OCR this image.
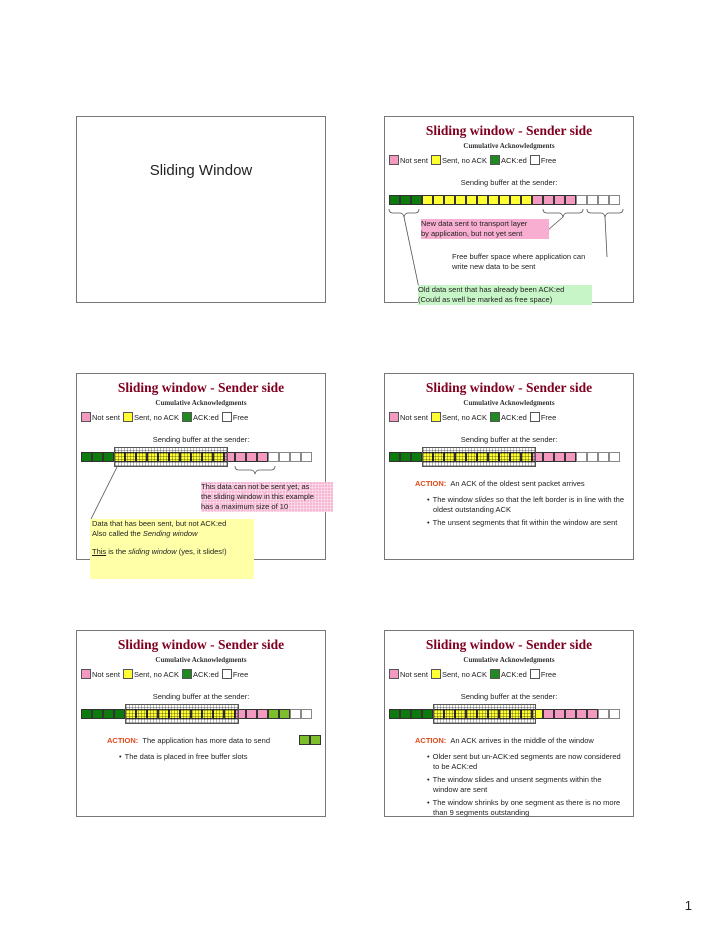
Sliding Window
Sliding window - Sender side
Cumulative Acknowledgments
Not sent Sent, no ACK ACK:ed Free
Sending buffer at the sender:
New data sent to transport layer
by application, but not yet sent
Free buffer space where application can
write new data to be sent
Old data sent that has already been ACK:ed
(Could as well be marked as free space)
Sliding window - Sender side
Cumulative Acknowledgments
Not sent Sent, no ACK ACK:ed Free
Sending buffer at the sender:
This data can not be sent yet, as
the sliding window in this example
has a maximum size of 10
Data that has been sent, but not ACK:ed
Also called the Sending window
This is the sliding window (yes, it slides!)
Sliding window - Sender side
Cumulative Acknowledgments
Not sent Sent, no ACK ACK:ed Free
Sending buffer at the sender:
ACTION: An ACK of the oldest sent packet arrives
• The window slides so that the left border is in line with the oldest outstanding ACK
• The unsent segments that fit within the window are sent
Sliding window - Sender side
Cumulative Acknowledgments
Not sent Sent, no ACK ACK:ed Free
Sending buffer at the sender:
ACTION: The application has more data to send
• The data is placed in free buffer slots
Sliding window - Sender side
Cumulative Acknowledgments
Not sent Sent, no ACK ACK:ed Free
Sending buffer at the sender:
ACTION: An ACK arrives in the middle of the window
• Older sent but un-ACK:ed segments are now considered to be ACK:ed
• The window slides and unsent segments within the window are sent
• The window shrinks by one segment as there is no more than 9 segments outstanding
1
